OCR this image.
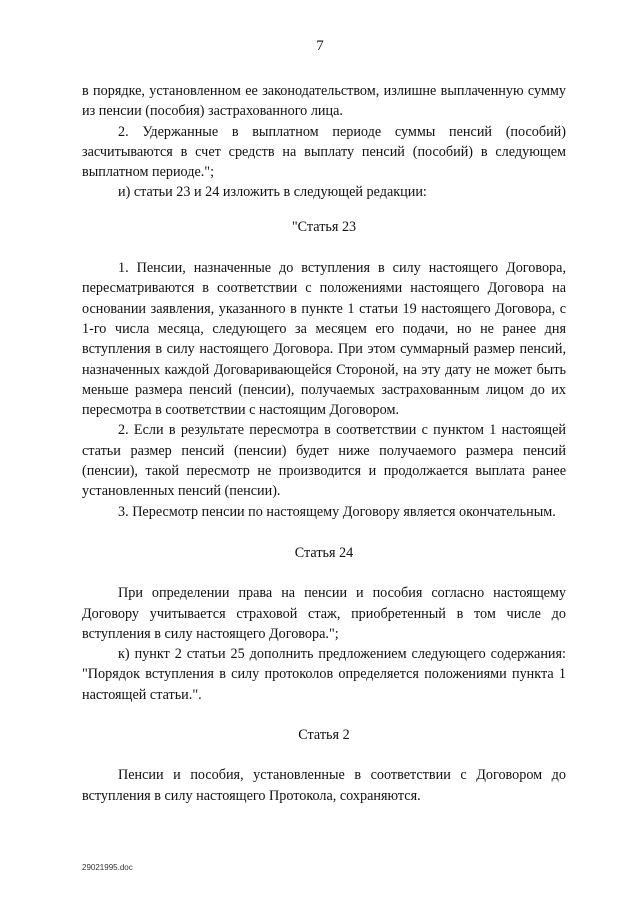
7

в порядке, установленном ее законодательством, излишне выплаченную сумму из пенсии (пособия) застрахованного лица.

2. Удержанные в выплатном периоде суммы пенсий (пособий) засчитываются в счет средств на выплату пенсий (пособий) в следующем выплатном периоде.";

и) статьи 23 и 24 изложить в следующей редакции:

"Статья 23

1. Пенсии, назначенные до вступления в силу настоящего Договора, пересматриваются в соответствии с положениями настоящего Договора на основании заявления, указанного в пункте 1 статьи 19 настоящего Договора, с 1-го числа месяца, следующего за месяцем его подачи, но не ранее дня вступления в силу настоящего Договора. При этом суммарный размер пенсий, назначенных каждой Договаривающейся Стороной, на эту дату не может быть меньше размера пенсий (пенсии), получаемых застрахованным лицом до их пересмотра в соответствии с настоящим Договором.

2. Если в результате пересмотра в соответствии с пунктом 1 настоящей статьи размер пенсий (пенсии) будет ниже получаемого размера пенсий (пенсии), такой пересмотр не производится и продолжается выплата ранее установленных пенсий (пенсии).

3. Пересмотр пенсии по настоящему Договору является окончательным.

Статья 24

При определении права на пенсии и пособия согласно настоящему Договору учитывается страховой стаж, приобретенный в том числе до вступления в силу настоящего Договора.";

к) пункт 2 статьи 25 дополнить предложением следующего содержания: "Порядок вступления в силу протоколов определяется положениями пункта 1 настоящей статьи.".

Статья 2

Пенсии и пособия, установленные в соответствии с Договором до вступления в силу настоящего Протокола, сохраняются.

29021995.doc
